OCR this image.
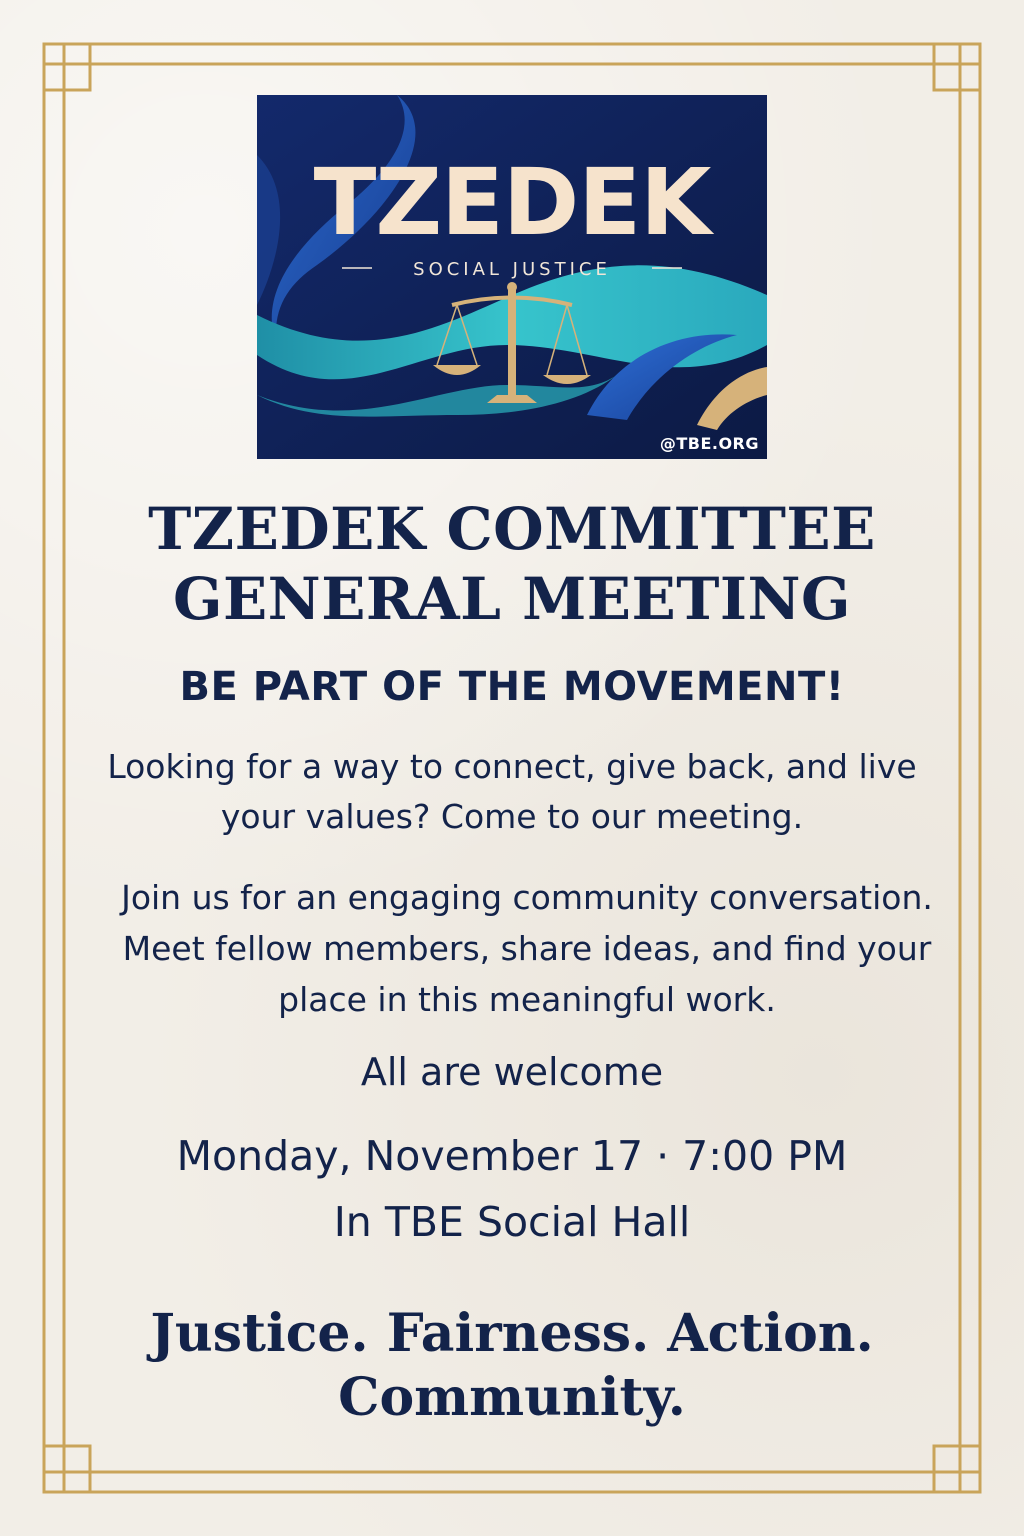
TZEDEK
SOCIAL JUSTICE
@TBE.ORG
TZEDEK COMMITTEE
GENERAL MEETING
BE PART OF THE MOVEMENT!
Looking for a way to connect, give back, and live your values? Come to our meeting.
Join us for an engaging community conversation. Meet fellow members, share ideas, and find your place in this meaningful work.
All are welcome
Monday, November 17 · 7:00 PM
In TBE Social Hall
Justice. Fairness. Action.
Community.
